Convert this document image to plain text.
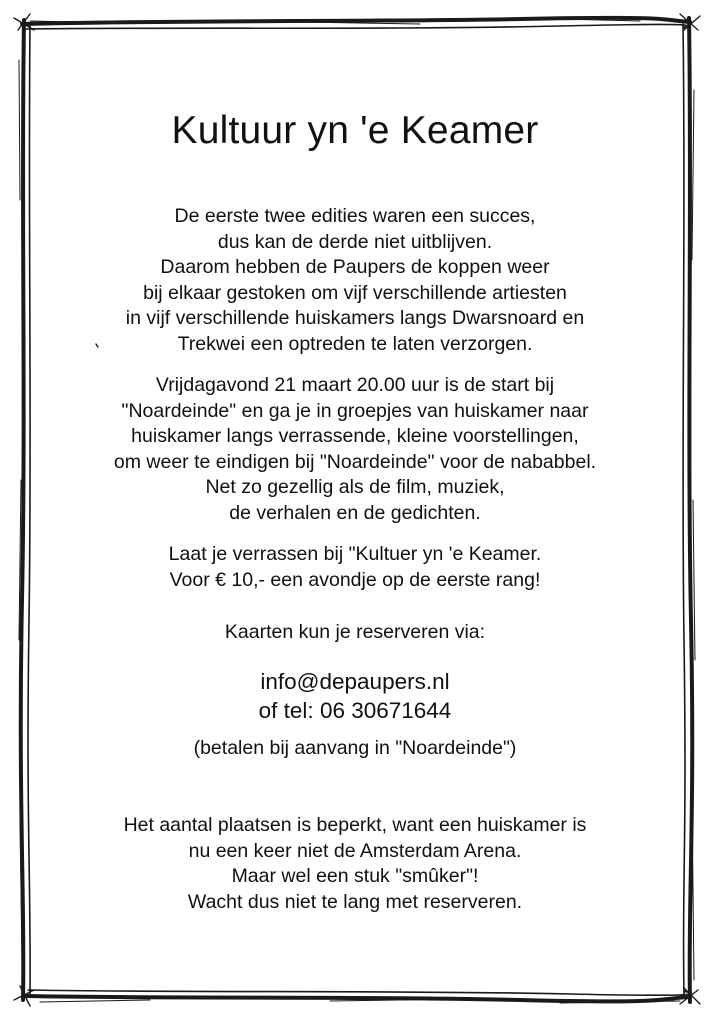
Kultuur yn 'e Keamer
De eerste twee edities waren een succes,
dus kan de derde niet uitblijven.
Daarom hebben de Paupers de koppen weer
bij elkaar gestoken om vijf verschillende artiesten
in vijf verschillende huiskamers langs Dwarsnoard en
Trekwei een optreden te laten verzorgen.
Vrijdagavond 21 maart 20.00 uur is de start bij
"Noardeinde" en ga je in groepjes van huiskamer naar
huiskamer langs verrassende, kleine voorstellingen,
om weer te eindigen bij "Noardeinde" voor de nababbel.
Net zo gezellig als de film, muziek,
de verhalen en de gedichten.
Laat je verrassen bij "Kultuer yn 'e Keamer.
Voor € 10,- een avondje op de eerste rang!
Kaarten kun je reserveren via:
info@depaupers.nl
of tel: 06 30671644
(betalen bij aanvang in "Noardeinde")
Het aantal plaatsen is beperkt, want een huiskamer is
nu een keer niet de Amsterdam Arena.
Maar wel een stuk "smûker"!
Wacht dus niet te lang met reserveren.
